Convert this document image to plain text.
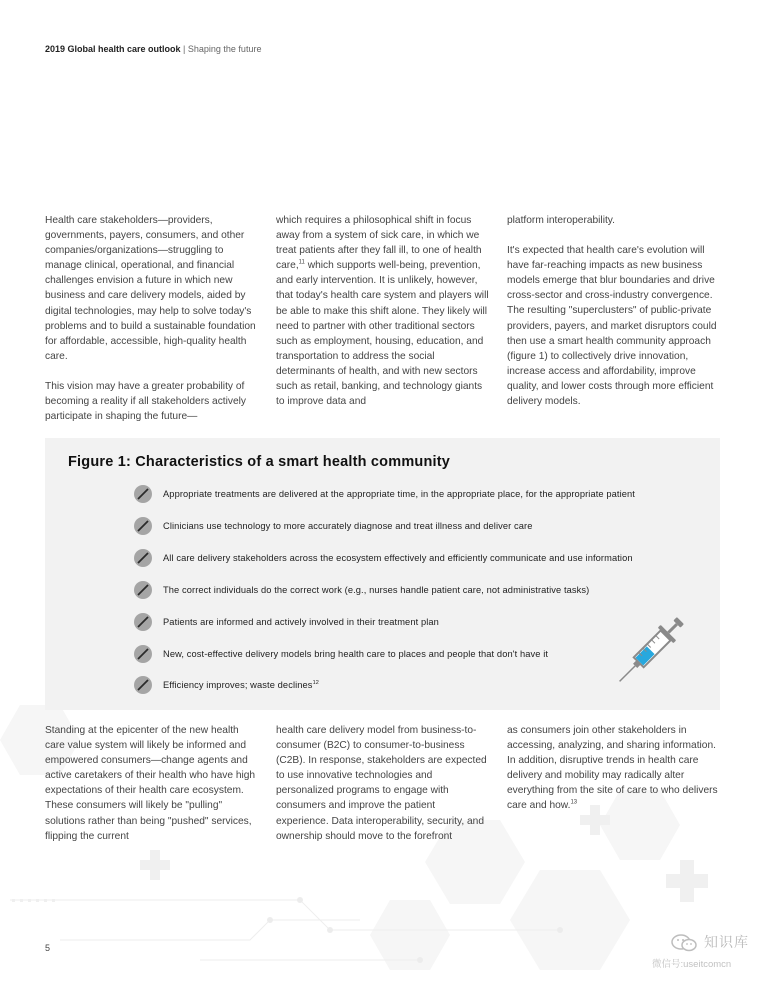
2019 Global health care outlook | Shaping the future

Health care stakeholders—providers, governments, payers, consumers, and other companies/organizations—struggling to manage clinical, operational, and financial challenges envision a future in which new business and care delivery models, aided by digital technologies, may help to solve today's problems and to build a sustainable foundation for affordable, accessible, high-quality health care.

This vision may have a greater probability of becoming a reality if all stakeholders actively participate in shaping the future—

which requires a philosophical shift in focus away from a system of sick care, in which we treat patients after they fall ill, to one of health care,$^{11}$ which supports well-being, prevention, and early intervention. It is unlikely, however, that today's health care system and players will be able to make this shift alone. They likely will need to partner with other traditional sectors such as employment, housing, education, and transportation to address the social determinants of health, and with new sectors such as retail, banking, and technology giants to improve data and

platform interoperability.

It's expected that health care's evolution will have far-reaching impacts as new business models emerge that blur boundaries and drive cross-sector and cross-industry convergence. The resulting "superclusters" of public-private providers, payers, and market disruptors could then use a smart health community approach (figure 1) to collectively drive innovation, increase access and affordability, improve quality, and lower costs through more efficient delivery models.

Figure 1: Characteristics of a smart health community
Appropriate treatments are delivered at the appropriate time, in the appropriate place, for the appropriate patient
Clinicians use technology to more accurately diagnose and treat illness and deliver care
All care delivery stakeholders across the ecosystem effectively and efficiently communicate and use information
The correct individuals do the correct work (e.g., nurses handle patient care, not administrative tasks)
Patients are informed and actively involved in their treatment plan
New, cost-effective delivery models bring health care to places and people that don't have it
Efficiency improves; waste declines$^{12}$

Standing at the epicenter of the new health care value system will likely be informed and empowered consumers—change agents and active caretakers of their health who have high expectations of their health care ecosystem. These consumers will likely be "pulling" solutions rather than being "pushed" services, flipping the current

health care delivery model from business-to-consumer (B2C) to consumer-to-business (C2B). In response, stakeholders are expected to use innovative technologies and personalized programs to engage with consumers and improve the patient experience. Data interoperability, security, and ownership should move to the forefront

as consumers join other stakeholders in accessing, analyzing, and sharing information. In addition, disruptive trends in health care delivery and mobility may radically alter everything from the site of care to who delivers care and how.$^{13}$

5	知识库
微信号:useitcomcn
